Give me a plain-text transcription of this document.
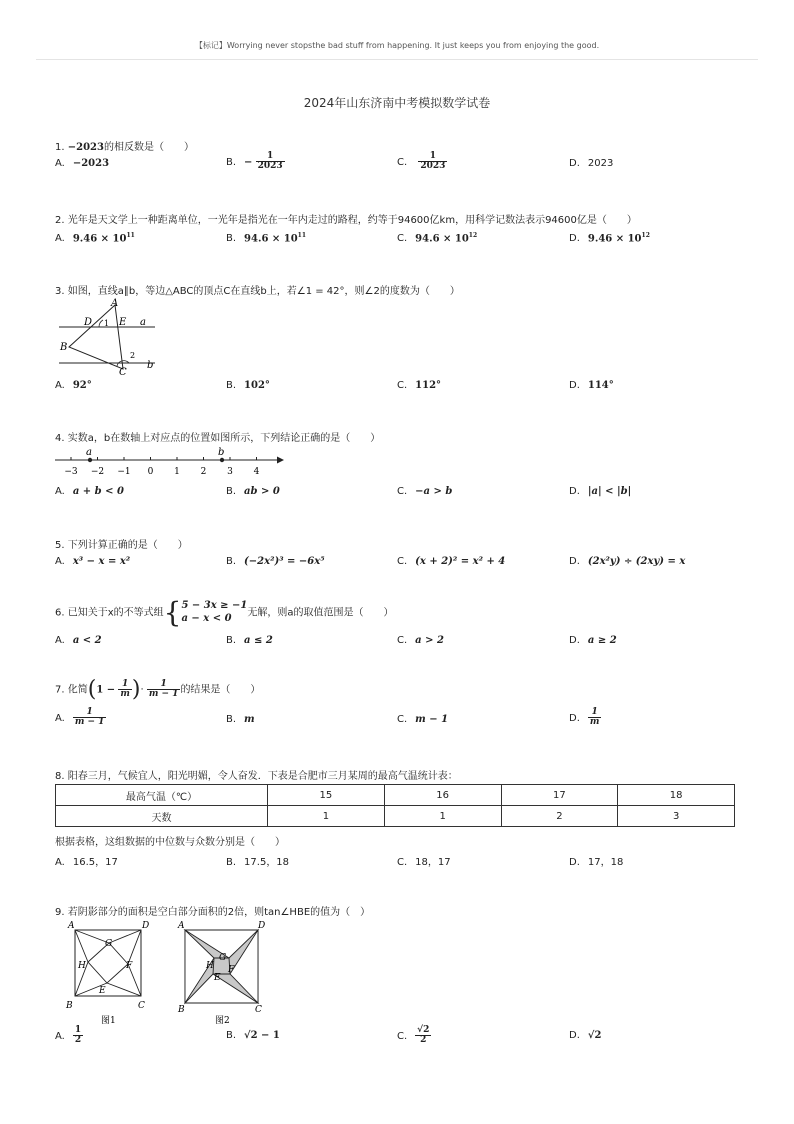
【标记】Worrying never stopsthe bad stuff from happening. It just keeps you from enjoying the good.
2024年山东济南中考模拟数学试卷
1. −2023的相反数是（　　）
A. −2023	B. − $\frac{1}{2023}$	C. $\frac{1}{2023}$	D. 2023
2. 光年是天文学上一种距离单位，一光年是指光在一年内走过的路程，约等于94600亿km，用科学记数法表示94600亿是（　　）
A. $9.46 \times 10^{11}$	B. $94.6 \times 10^{11}$	C. $94.6 \times 10^{12}$	D. $9.46 \times 10^{12}$
3. 如图，直线a∥b，等边△ABC的顶点C在直线b上，若∠1 = 42°，则∠2的度数为（　　）
A
B
C
D	E a
b
1
2
A. 92°	B. 102°	C. 112°	D. 114°
4. 实数a，b在数轴上对应点的位置如图所示，下列结论正确的是（　　）
−3 −2 −1 0 1 2 3 4
a	b
A. a + b < 0	B. ab > 0	C. −a > b	D. |a| < |b|
5. 下列计算正确的是（　　）
A. x³ − x = x²	B. (−2x²)³ = −6x⁵	C. (x + 2)² = x² + 4	D. (2x²y) ÷ (2xy) = x
6. 已知关于x的不等式组{ 5 − 3x ≥ −1
a − x < 0	无解，则a的取值范围是（　　）
A. a < 2	B. a ≤ 2	C. a > 2	D. a ≥ 2
7. 化简($1 - \frac{1}{m}$ )· $\frac{1}{m - 1}$ 的结果是（　　）
A. $\frac{1}{m - 1}$	B. m	C. m − 1	D. $\frac{1}{m}$
8. 阳春三月，气候宜人，阳光明媚，令人奋发．下表是合肥市三月某周的最高气温统计表：
最高气温（℃）	15	16	17	18
天数	1	1	2	3
根据表格，这组数据的中位数与众数分别是（　　）
A. 16.5，17	B. 17.5，18	C. 18，17	D. 17，18
9. 若阴影部分的面积是空白部分面积的2倍，则tan∠HBE的值为（　）
A	D
B	C
G
F
E
H
图1
A	D
B	C
G
F
E
H
图2
A. $\frac{1}{2}$	B. √2 − 1	C. $\frac{√2}{2}$	D. √2
